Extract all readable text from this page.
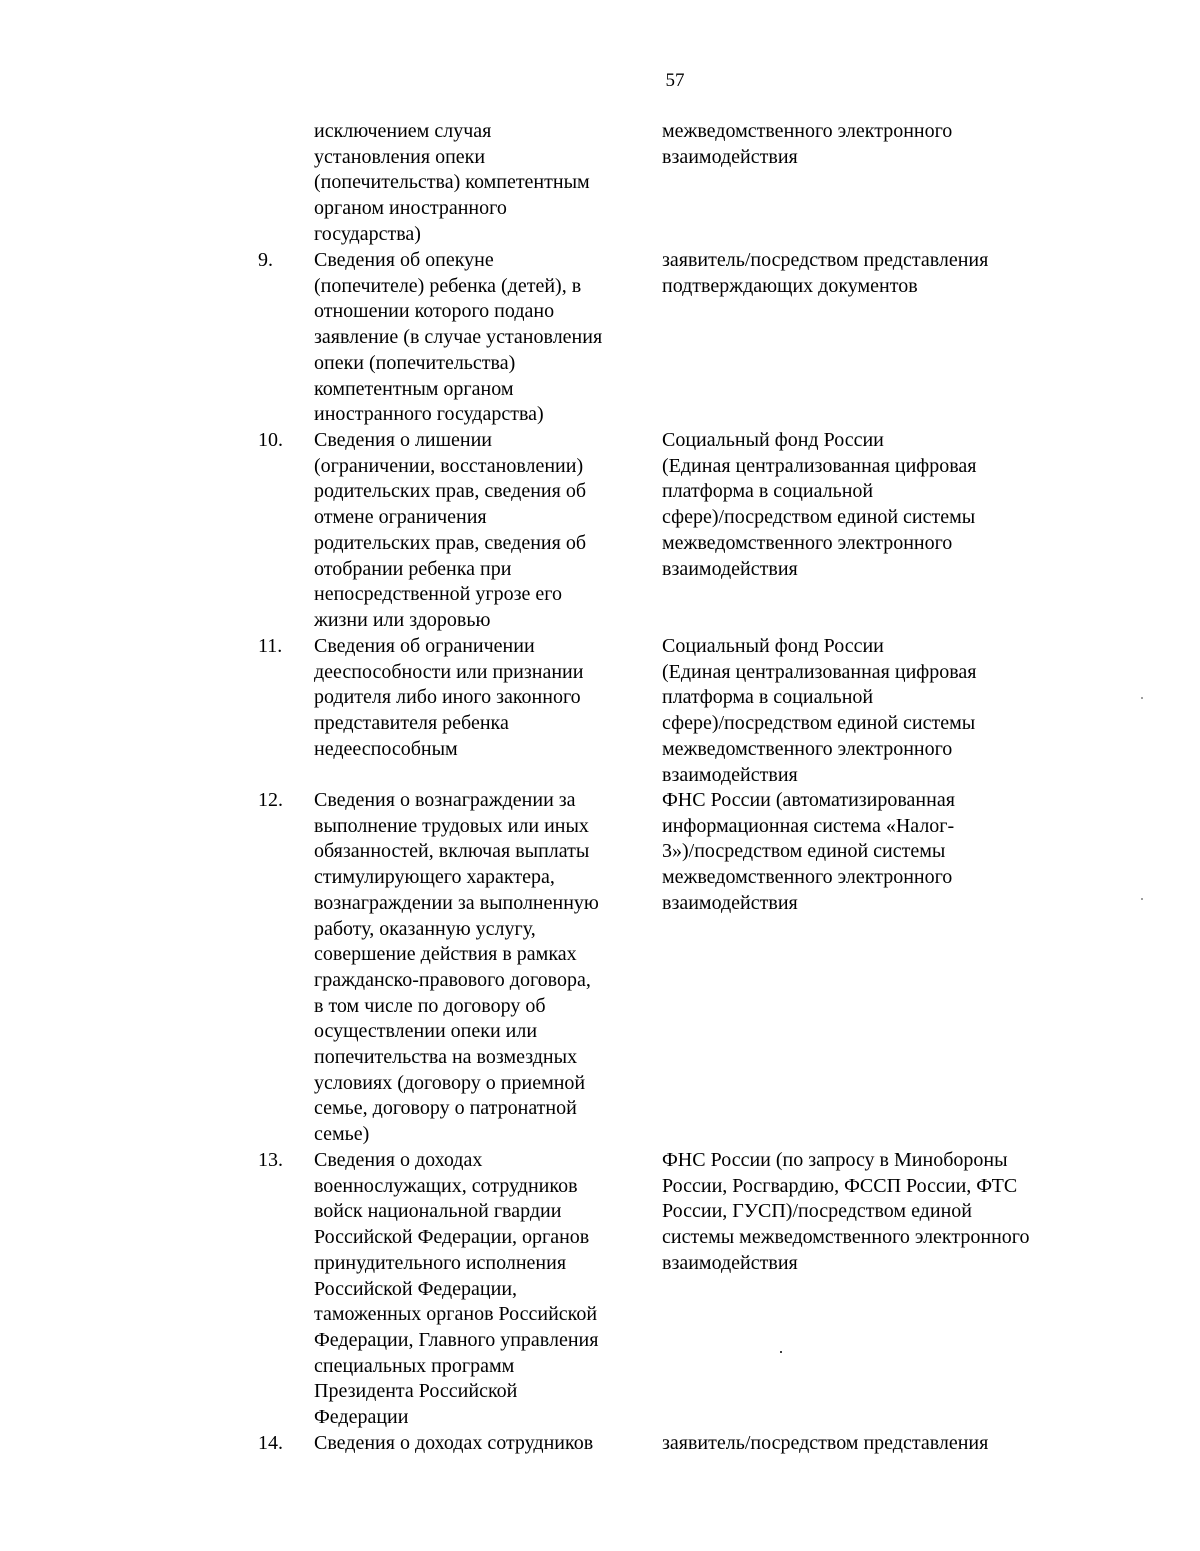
57
исключением случая
установления опеки
(попечительства) компетентным
органом иностранного
государства)
межведомственного электронного
взаимодействия
9. Сведения об опекуне
(попечителе) ребенка (детей), в
отношении которого подано
заявление (в случае установления
опеки (попечительства)
компетентным органом
иностранного государства)
заявитель/посредством представления
подтверждающих документов
10. Сведения о лишении
(ограничении, восстановлении)
родительских прав, сведения об
отмене ограничения
родительских прав, сведения об
отобрании ребенка при
непосредственной угрозе его
жизни или здоровью
Социальный фонд России
(Единая централизованная цифровая
платформа в социальной
сфере)/посредством единой системы
межведомственного электронного
взаимодействия
11. Сведения об ограничении
дееспособности или признании
родителя либо иного законного
представителя ребенка
недееспособным
Социальный фонд России
(Единая централизованная цифровая
платформа в социальной
сфере)/посредством единой системы
межведомственного электронного
взаимодействия
12. Сведения о вознаграждении за
выполнение трудовых или иных
обязанностей, включая выплаты
стимулирующего характера,
вознаграждении за выполненную
работу, оказанную услугу,
совершение действия в рамках
гражданско-правового договора,
в том числе по договору об
осуществлении опеки или
попечительства на возмездных
условиях (договору о приемной
семье, договору о патронатной
семье)
ФНС России (автоматизированная
информационная система «Налог-
3»)/посредством единой системы
межведомственного электронного
взаимодействия
13. Сведения о доходах
военнослужащих, сотрудников
войск национальной гвардии
Российской Федерации, органов
принудительного исполнения
Российской Федерации,
таможенных органов Российской
Федерации, Главного управления
специальных программ
Президента Российской
Федерации
ФНС России (по запросу в Минобороны
России, Росгвардию, ФССП России, ФТС
России, ГУСП)/посредством единой
системы межведомственного электронного
взаимодействия
14. Сведения о доходах сотрудников	заявитель/посредством представления
